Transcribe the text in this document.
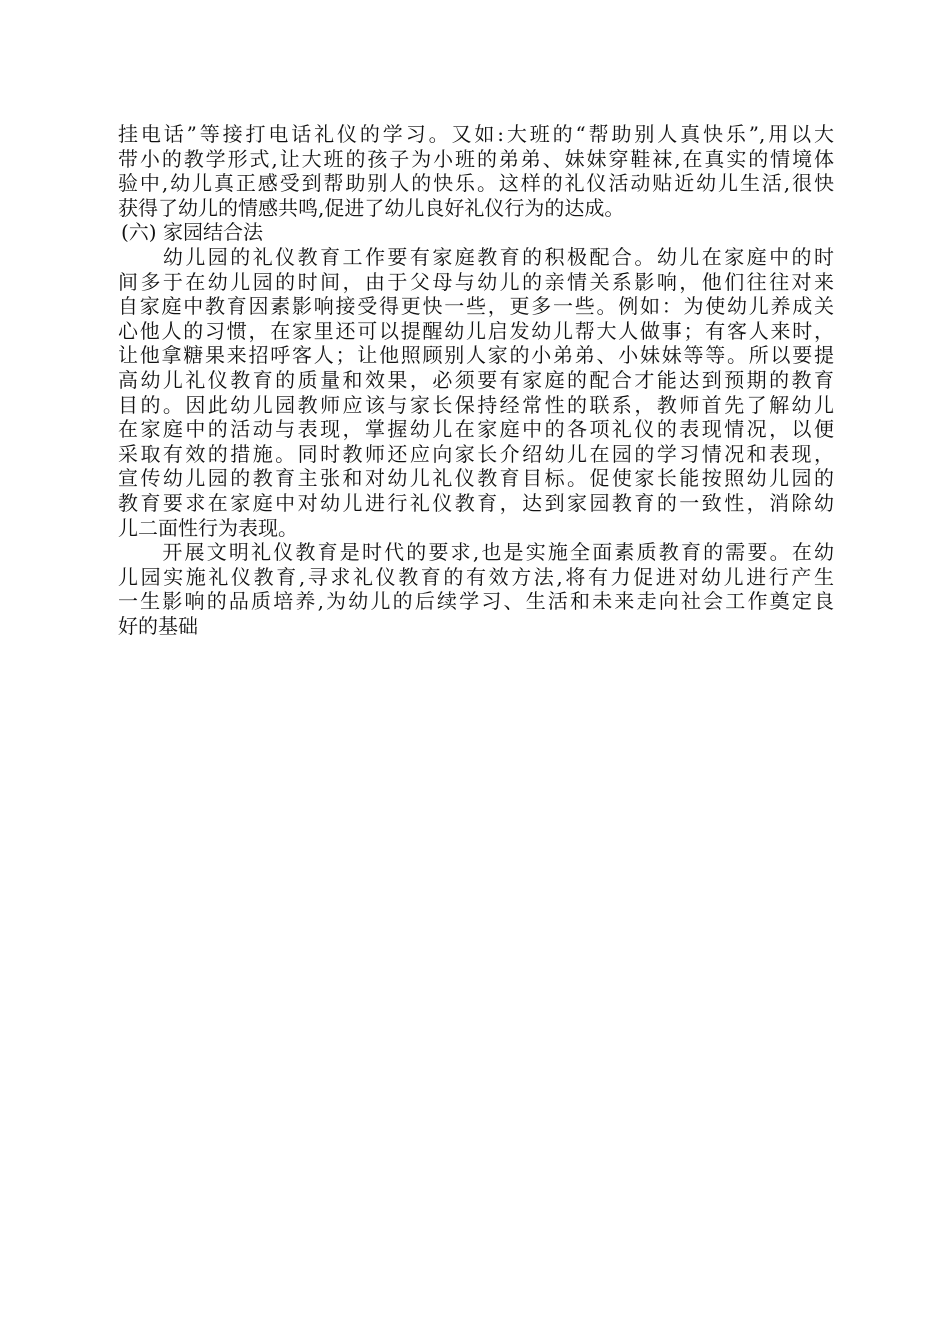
挂电话”等接打电话礼仪的学习。又如:大班的“帮助别人真快乐”,用以大
带小的教学形式,让大班的孩子为小班的弟弟、妹妹穿鞋袜,在真实的情境体
验中,幼儿真正感受到帮助别人的快乐。这样的礼仪活动贴近幼儿生活,很快
获得了幼儿的情感共鸣,促进了幼儿良好礼仪行为的达成。

(六) 家园结合法

　　幼儿园的礼仪教育工作要有家庭教育的积极配合。幼儿在家庭中的时
间多于在幼儿园的时间，由于父母与幼儿的亲情关系影响，他们往往对来
自家庭中教育因素影响接受得更快一些，更多一些。例如：为使幼儿养成关
心他人的习惯，在家里还可以提醒幼儿启发幼儿帮大人做事；有客人来时，
让他拿糖果来招呼客人；让他照顾别人家的小弟弟、小妹妹等等。所以要提
高幼儿礼仪教育的质量和效果，必须要有家庭的配合才能达到预期的教育
目的。因此幼儿园教师应该与家长保持经常性的联系，教师首先了解幼儿
在家庭中的活动与表现，掌握幼儿在家庭中的各项礼仪的表现情况，以便
采取有效的措施。同时教师还应向家长介绍幼儿在园的学习情况和表现，
宣传幼儿园的教育主张和对幼儿礼仪教育目标。促使家长能按照幼儿园的
教育要求在家庭中对幼儿进行礼仪教育，达到家园教育的一致性，消除幼
儿二面性行为表现。

　　开展文明礼仪教育是时代的要求,也是实施全面素质教育的需要。在幼
儿园实施礼仪教育,寻求礼仪教育的有效方法,将有力促进对幼儿进行产生
一生影响的品质培养,为幼儿的后续学习、生活和未来走向社会工作奠定良
好的基础
